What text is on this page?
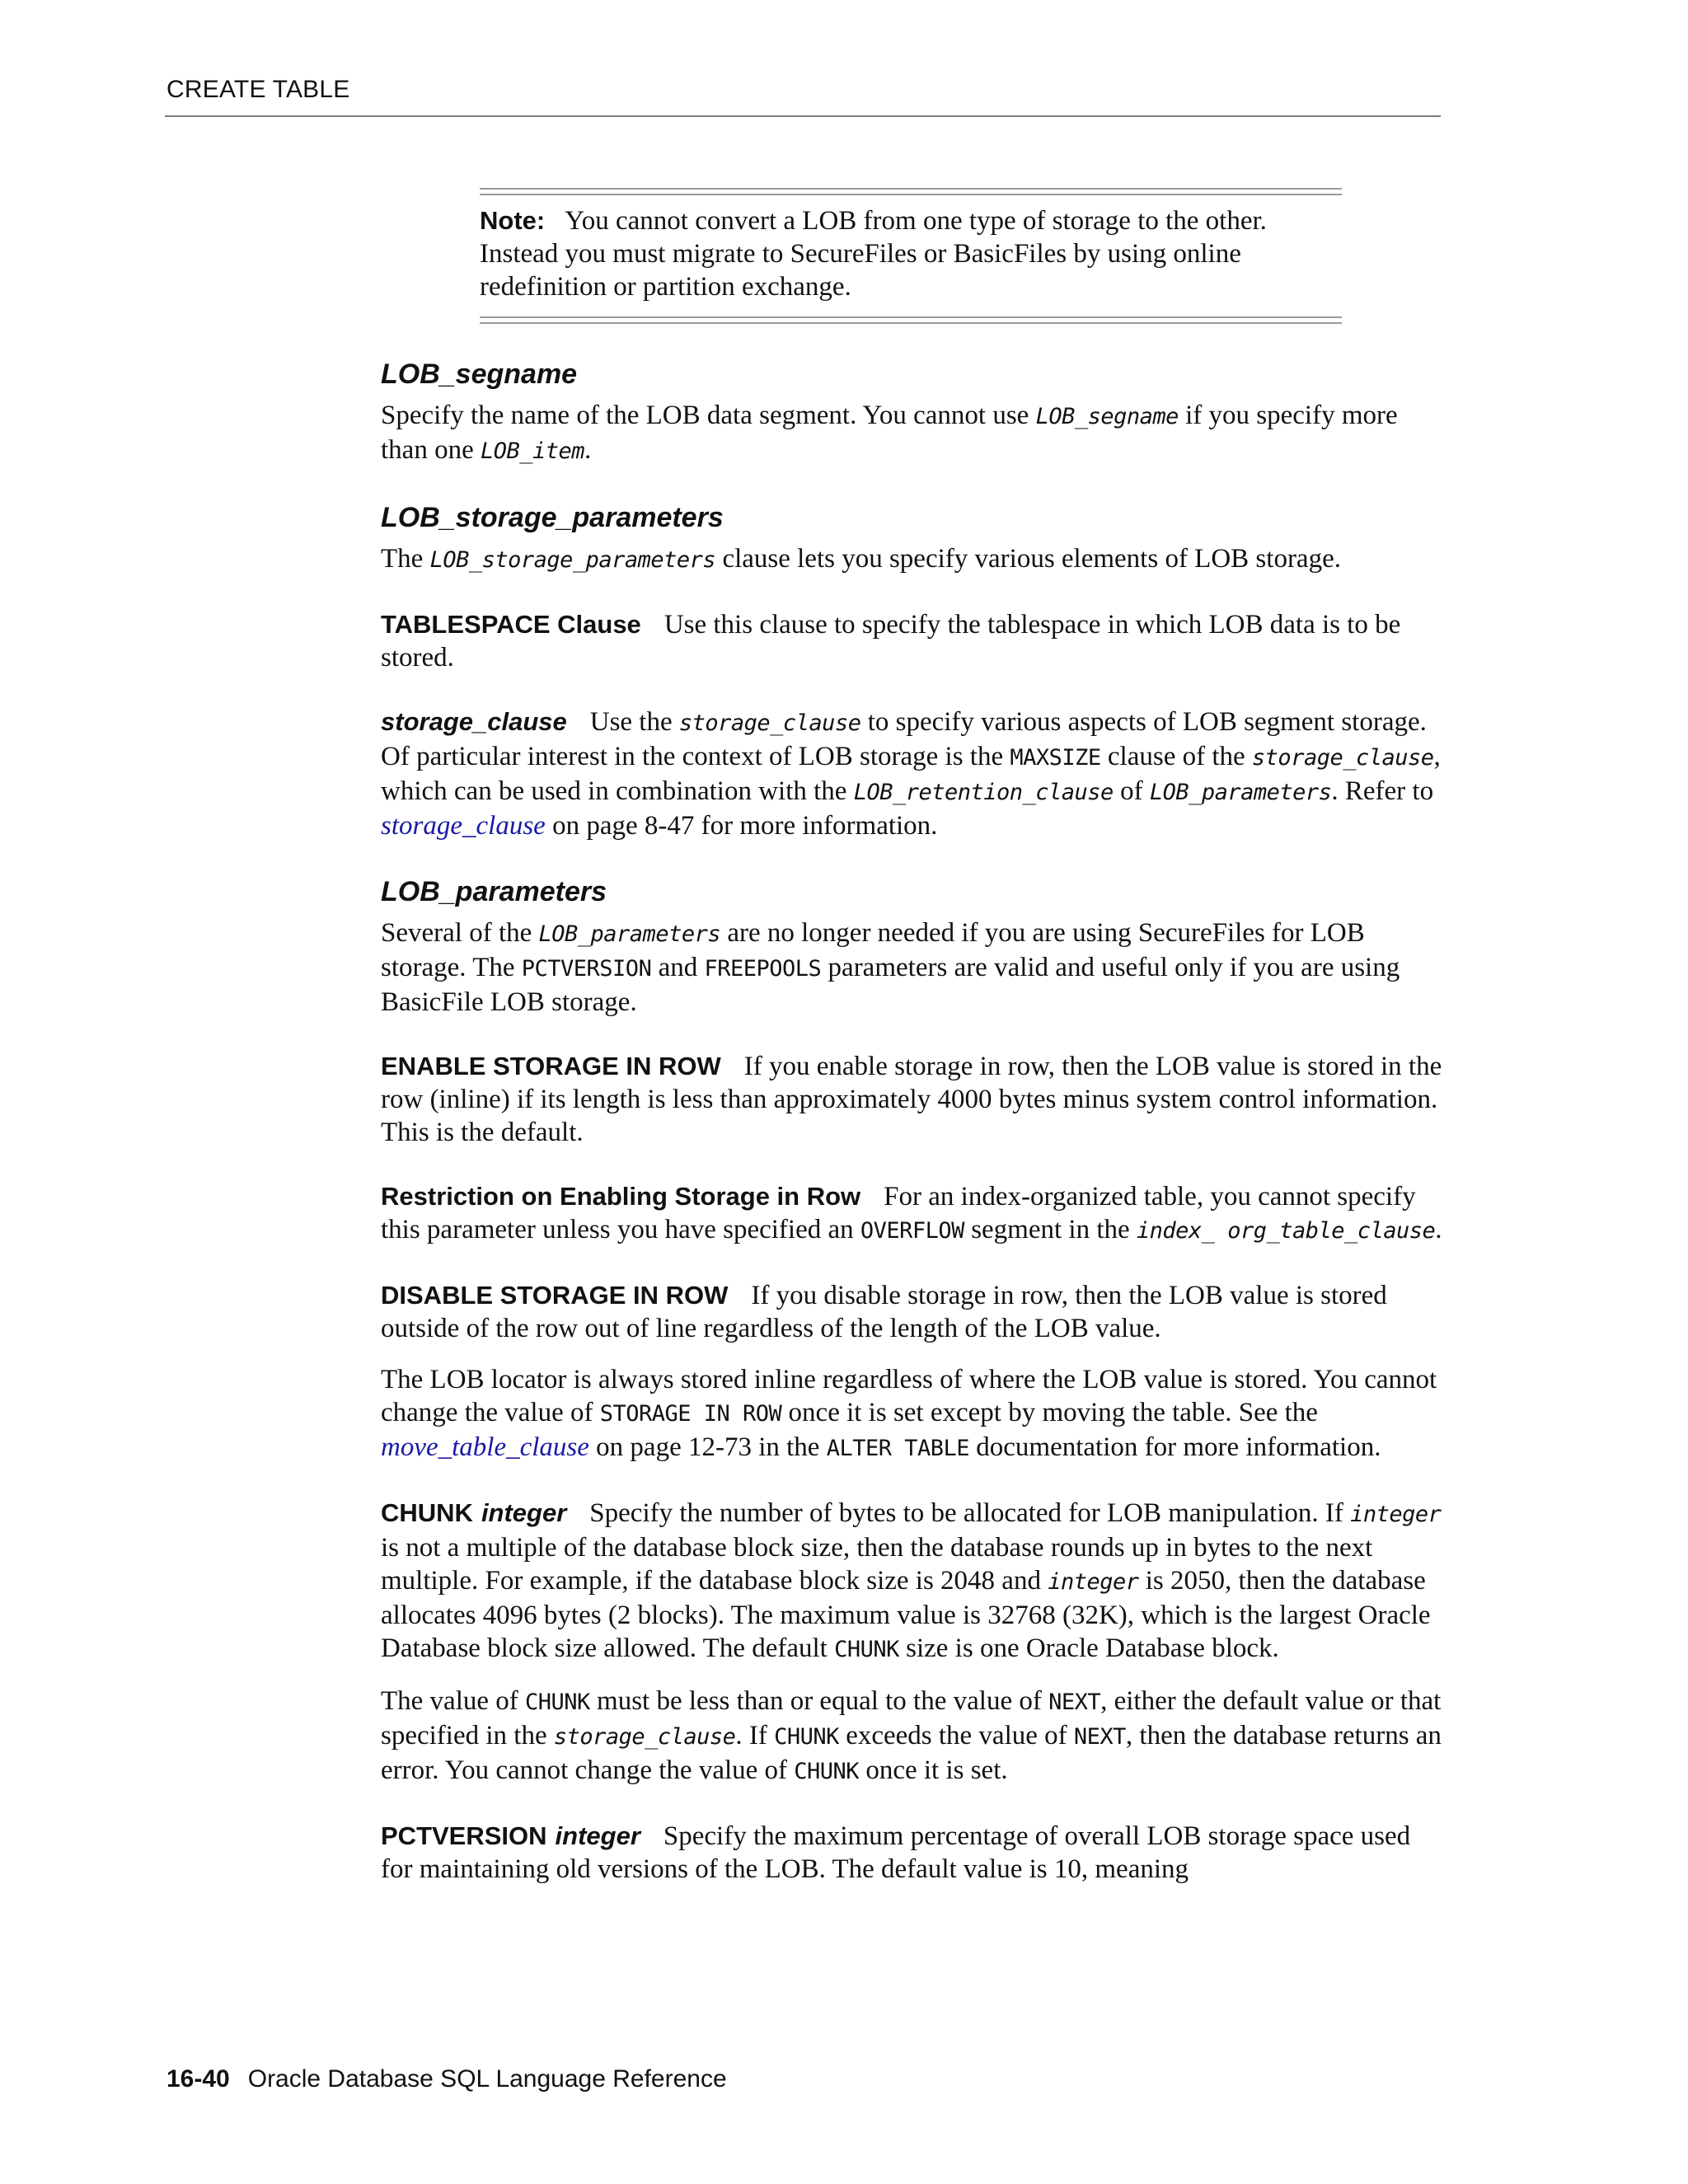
CREATE TABLE
Note: You cannot convert a LOB from one type of storage to the other. Instead you must migrate to SecureFiles or BasicFiles by using online redefinition or partition exchange.
LOB_segname

Specify the name of the LOB data segment. You cannot use LOB_segname if you specify more than one LOB_item.

LOB_storage_parameters

The LOB_storage_parameters clause lets you specify various elements of LOB storage.

TABLESPACE Clause Use this clause to specify the tablespace in which LOB data is to be stored.

storage_clause Use the storage_clause to specify various aspects of LOB segment storage. Of particular interest in the context of LOB storage is the MAXSIZE clause of the storage_clause, which can be used in combination with the LOB_retention_clause of LOB_parameters. Refer to storage_clause on page 8-47 for more information.

LOB_parameters

Several of the LOB_parameters are no longer needed if you are using SecureFiles for LOB storage. The PCTVERSION and FREEPOOLS parameters are valid and useful only if you are using BasicFile LOB storage.

ENABLE STORAGE IN ROW If you enable storage in row, then the LOB value is stored in the row (inline) if its length is less than approximately 4000 bytes minus system control information. This is the default.

Restriction on Enabling Storage in Row For an index-organized table, you cannot specify this parameter unless you have specified an OVERFLOW segment in the index_ org_table_clause.

DISABLE STORAGE IN ROW If you disable storage in row, then the LOB value is stored outside of the row out of line regardless of the length of the LOB value.

The LOB locator is always stored inline regardless of where the LOB value is stored. You cannot change the value of STORAGE IN ROW once it is set except by moving the table. See the move_table_clause on page 12-73 in the ALTER TABLE documentation for more information.

CHUNK integer Specify the number of bytes to be allocated for LOB manipulation. If integer is not a multiple of the database block size, then the database rounds up in bytes to the next multiple. For example, if the database block size is 2048 and integer is 2050, then the database allocates 4096 bytes (2 blocks). The maximum value is 32768 (32K), which is the largest Oracle Database block size allowed. The default CHUNK size is one Oracle Database block.

The value of CHUNK must be less than or equal to the value of NEXT, either the default value or that specified in the storage_clause. If CHUNK exceeds the value of NEXT, then the database returns an error. You cannot change the value of CHUNK once it is set.

PCTVERSION integer Specify the maximum percentage of overall LOB storage space used for maintaining old versions of the LOB. The default value is 10, meaning

16-40 Oracle Database SQL Language Reference
